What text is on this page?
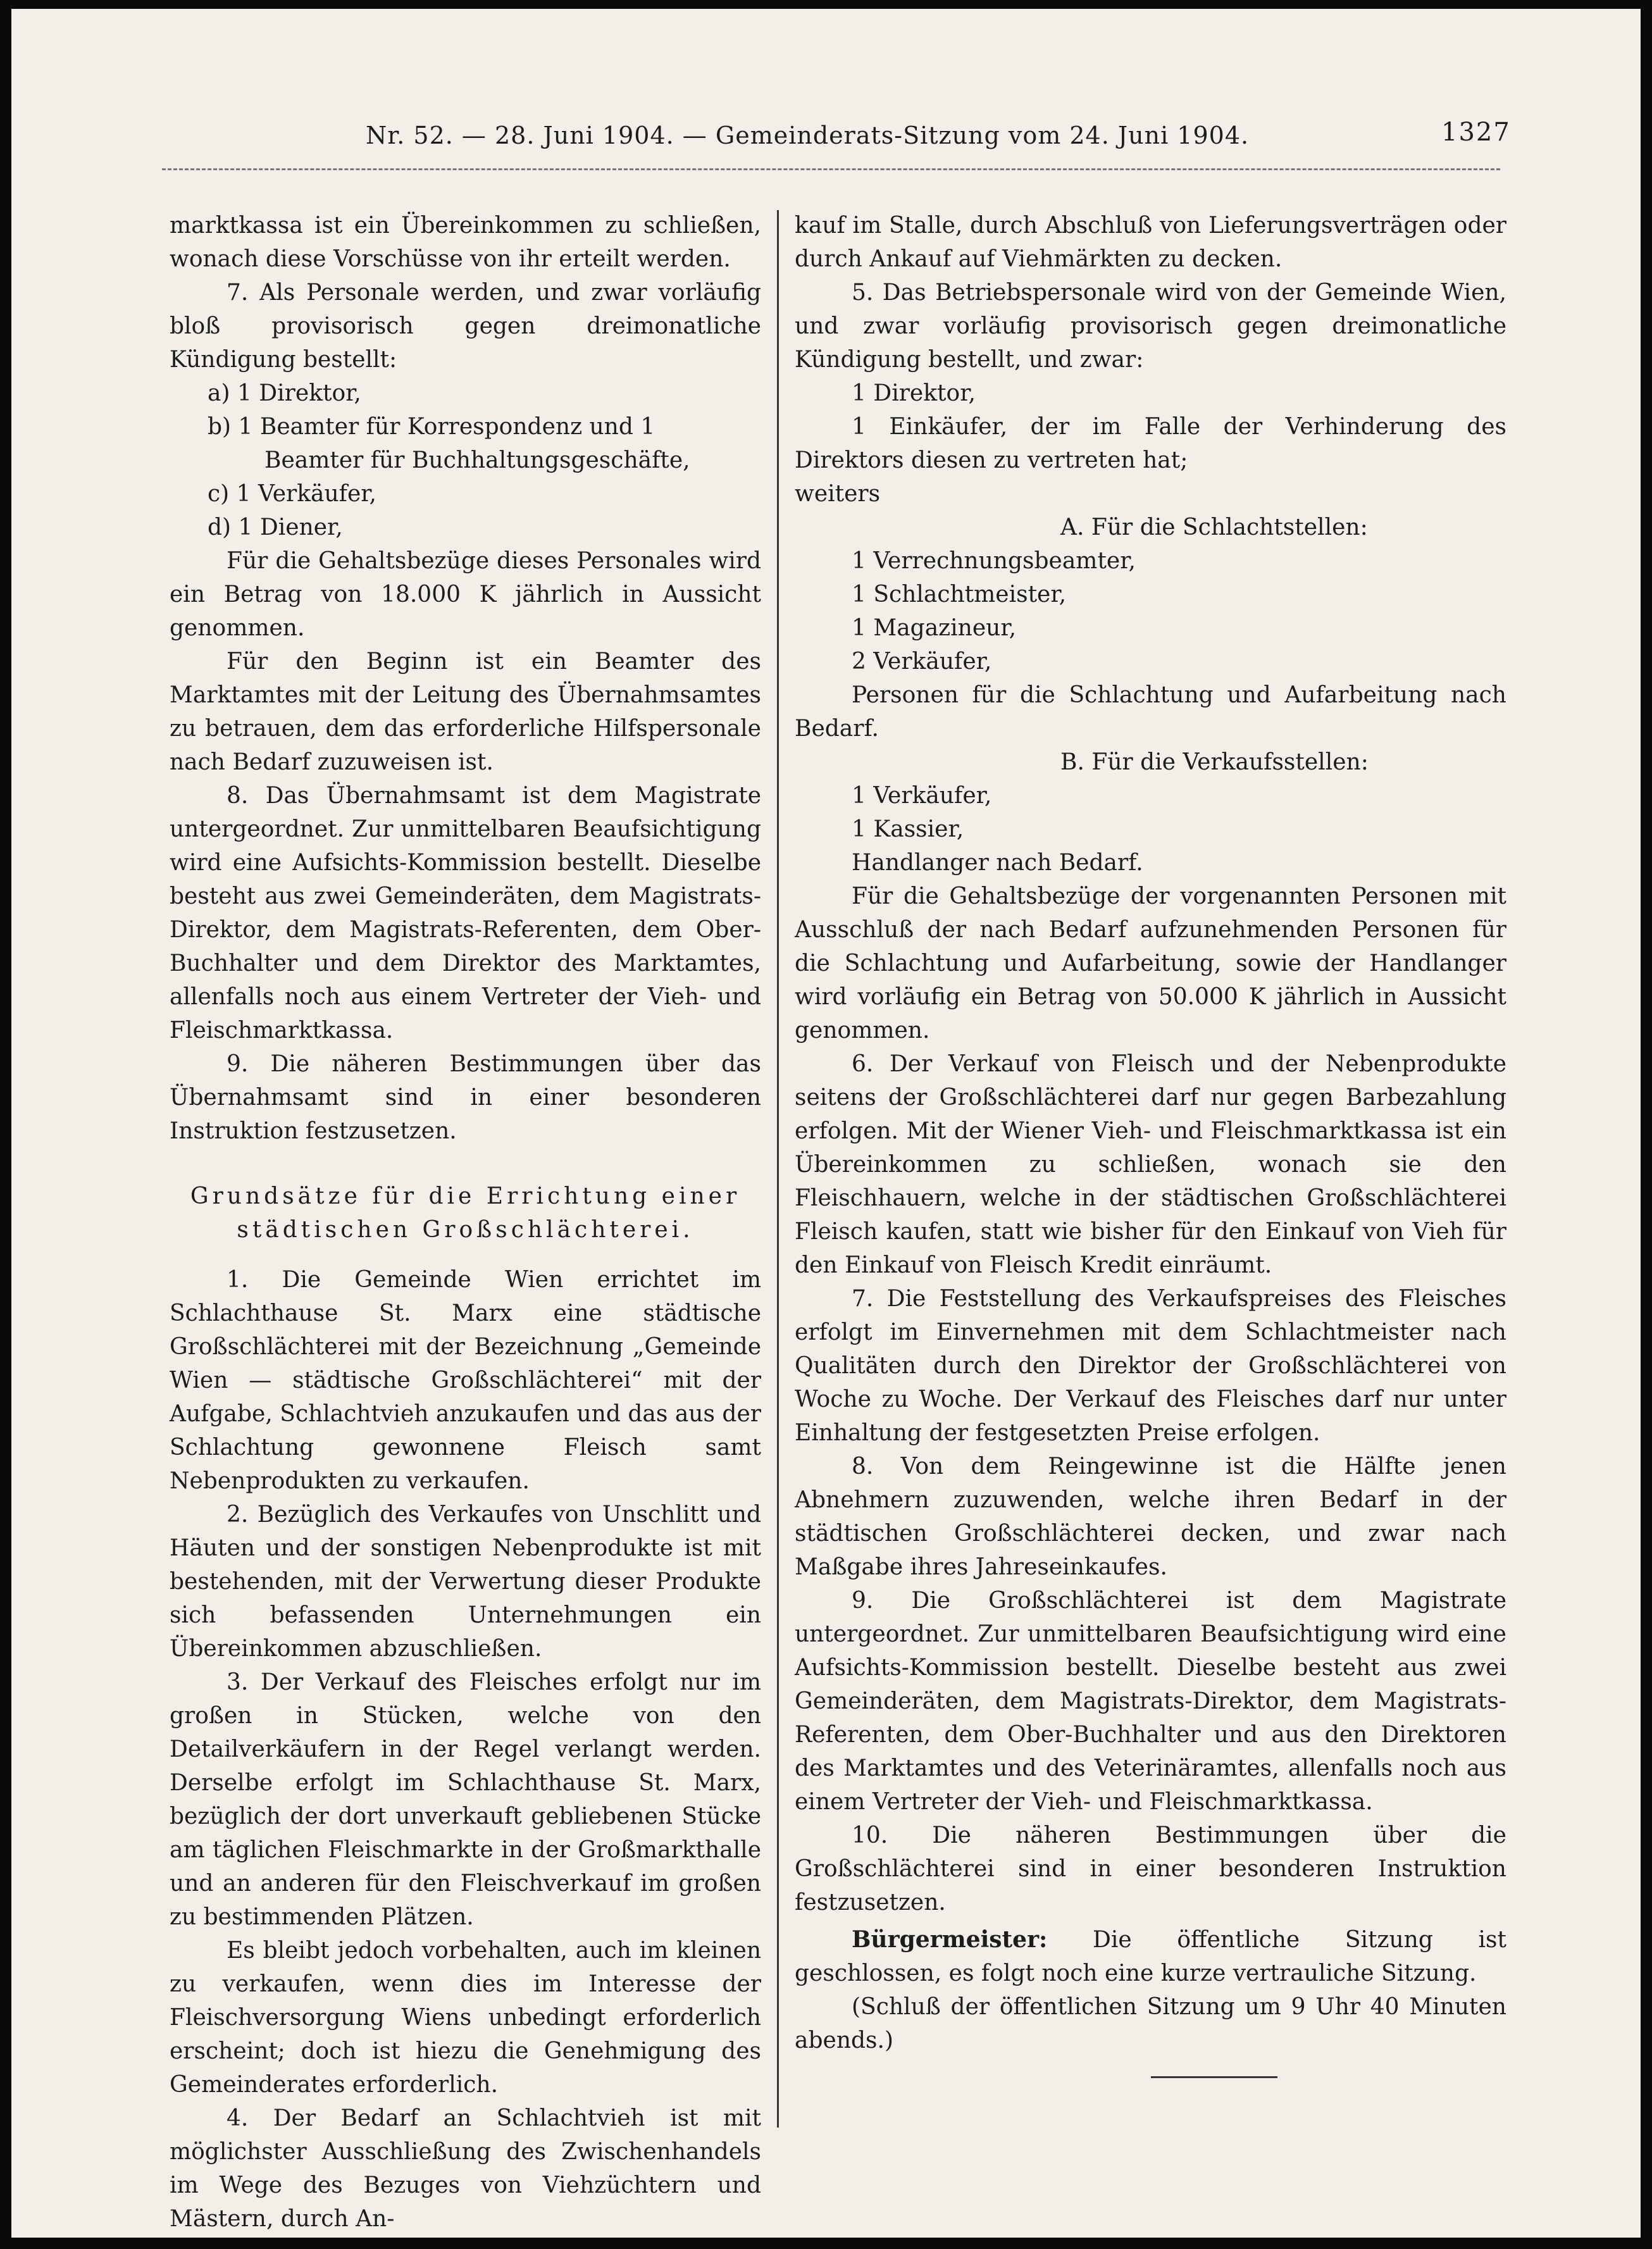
Nr. 52. — 28. Juni 1904. — Gemeinderats-Sitzung vom 24. Juni 1904.	1327

marktkassa ist ein Übereinkommen zu schließen, wonach diese Vorschüsse von ihr erteilt werden.

7. Als Personale werden, und zwar vorläufig bloß provisorisch gegen dreimonatliche Kündigung bestellt:

a) 1 Direktor,

b) 1 Beamter für Korrespondenz und 1 Beamter für Buchhaltungsgeschäfte,

c) 1 Verkäufer,

d) 1 Diener,

Für die Gehaltsbezüge dieses Personales wird ein Betrag von 18.000 K jährlich in Aussicht genommen.

Für den Beginn ist ein Beamter des Marktamtes mit der Leitung des Übernahmsamtes zu betrauen, dem das erforderliche Hilfspersonale nach Bedarf zuzuweisen ist.

8. Das Übernahmsamt ist dem Magistrate untergeordnet. Zur unmittelbaren Beaufsichtigung wird eine Aufsichts-Kommission bestellt. Dieselbe besteht aus zwei Gemeinderäten, dem Magistrats-Direktor, dem Magistrats-Referenten, dem Ober-Buchhalter und dem Direktor des Marktamtes, allenfalls noch aus einem Vertreter der Vieh- und Fleischmarktkassa.

9. Die näheren Bestimmungen über das Übernahmsamt sind in einer besonderen Instruktion festzusetzen.

Grundsätze für die Errichtung einer städtischen Großschlächterei.

1. Die Gemeinde Wien errichtet im Schlachthause St. Marx eine städtische Großschlächterei mit der Bezeichnung „Gemeinde Wien — städtische Großschlächterei“ mit der Aufgabe, Schlachtvieh anzukaufen und das aus der Schlachtung gewonnene Fleisch samt Nebenprodukten zu verkaufen.

2. Bezüglich des Verkaufes von Unschlitt und Häuten und der sonstigen Nebenprodukte ist mit bestehenden, mit der Verwertung dieser Produkte sich befassenden Unternehmungen ein Übereinkommen abzuschließen.

3. Der Verkauf des Fleisches erfolgt nur im großen in Stücken, welche von den Detailverkäufern in der Regel verlangt werden. Derselbe erfolgt im Schlachthause St. Marx, bezüglich der dort unverkauft gebliebenen Stücke am täglichen Fleischmarkte in der Großmarkthalle und an anderen für den Fleischverkauf im großen zu bestimmenden Plätzen.

Es bleibt jedoch vorbehalten, auch im kleinen zu verkaufen, wenn dies im Interesse der Fleischversorgung Wiens unbedingt erforderlich erscheint; doch ist hiezu die Genehmigung des Gemeinderates erforderlich.

4. Der Bedarf an Schlachtvieh ist mit möglichster Ausschließung des Zwischenhandels im Wege des Bezuges von Viehzüchtern und Mästern, durch An-

kauf im Stalle, durch Abschluß von Lieferungsverträgen oder durch Ankauf auf Viehmärkten zu decken.

5. Das Betriebspersonale wird von der Gemeinde Wien, und zwar vorläufig provisorisch gegen dreimonatliche Kündigung bestellt, und zwar:

1 Direktor,

1 Einkäufer, der im Falle der Verhinderung des Direktors diesen zu vertreten hat;

weiters

A. Für die Schlachtstellen:

1 Verrechnungsbeamter,

1 Schlachtmeister,

1 Magazineur,

2 Verkäufer,

Personen für die Schlachtung und Aufarbeitung nach Bedarf.

B. Für die Verkaufsstellen:

1 Verkäufer,

1 Kassier,

Handlanger nach Bedarf.

Für die Gehaltsbezüge der vorgenannten Personen mit Ausschluß der nach Bedarf aufzunehmenden Personen für die Schlachtung und Aufarbeitung, sowie der Handlanger wird vorläufig ein Betrag von 50.000 K jährlich in Aussicht genommen.

6. Der Verkauf von Fleisch und der Nebenprodukte seitens der Großschlächterei darf nur gegen Barbezahlung erfolgen. Mit der Wiener Vieh- und Fleischmarktkassa ist ein Übereinkommen zu schließen, wonach sie den Fleischhauern, welche in der städtischen Großschlächterei Fleisch kaufen, statt wie bisher für den Einkauf von Vieh für den Einkauf von Fleisch Kredit einräumt.

7. Die Feststellung des Verkaufspreises des Fleisches erfolgt im Einvernehmen mit dem Schlachtmeister nach Qualitäten durch den Direktor der Großschlächterei von Woche zu Woche. Der Verkauf des Fleisches darf nur unter Einhaltung der festgesetzten Preise erfolgen.

8. Von dem Reingewinne ist die Hälfte jenen Abnehmern zuzuwenden, welche ihren Bedarf in der städtischen Großschlächterei decken, und zwar nach Maßgabe ihres Jahreseinkaufes.

9. Die Großschlächterei ist dem Magistrate untergeordnet. Zur unmittelbaren Beaufsichtigung wird eine Aufsichts-Kommission bestellt. Dieselbe besteht aus zwei Gemeinderäten, dem Magistrats-Direktor, dem Magistrats-Referenten, dem Ober-Buchhalter und aus den Direktoren des Marktamtes und des Veterinäramtes, allenfalls noch aus einem Vertreter der Vieh- und Fleischmarktkassa.

10. Die näheren Bestimmungen über die Großschlächterei sind in einer besonderen Instruktion festzusetzen.

Bürgermeister: Die öffentliche Sitzung ist geschlossen, es folgt noch eine kurze vertrauliche Sitzung.

(Schluß der öffentlichen Sitzung um 9 Uhr 40 Minuten abends.)
